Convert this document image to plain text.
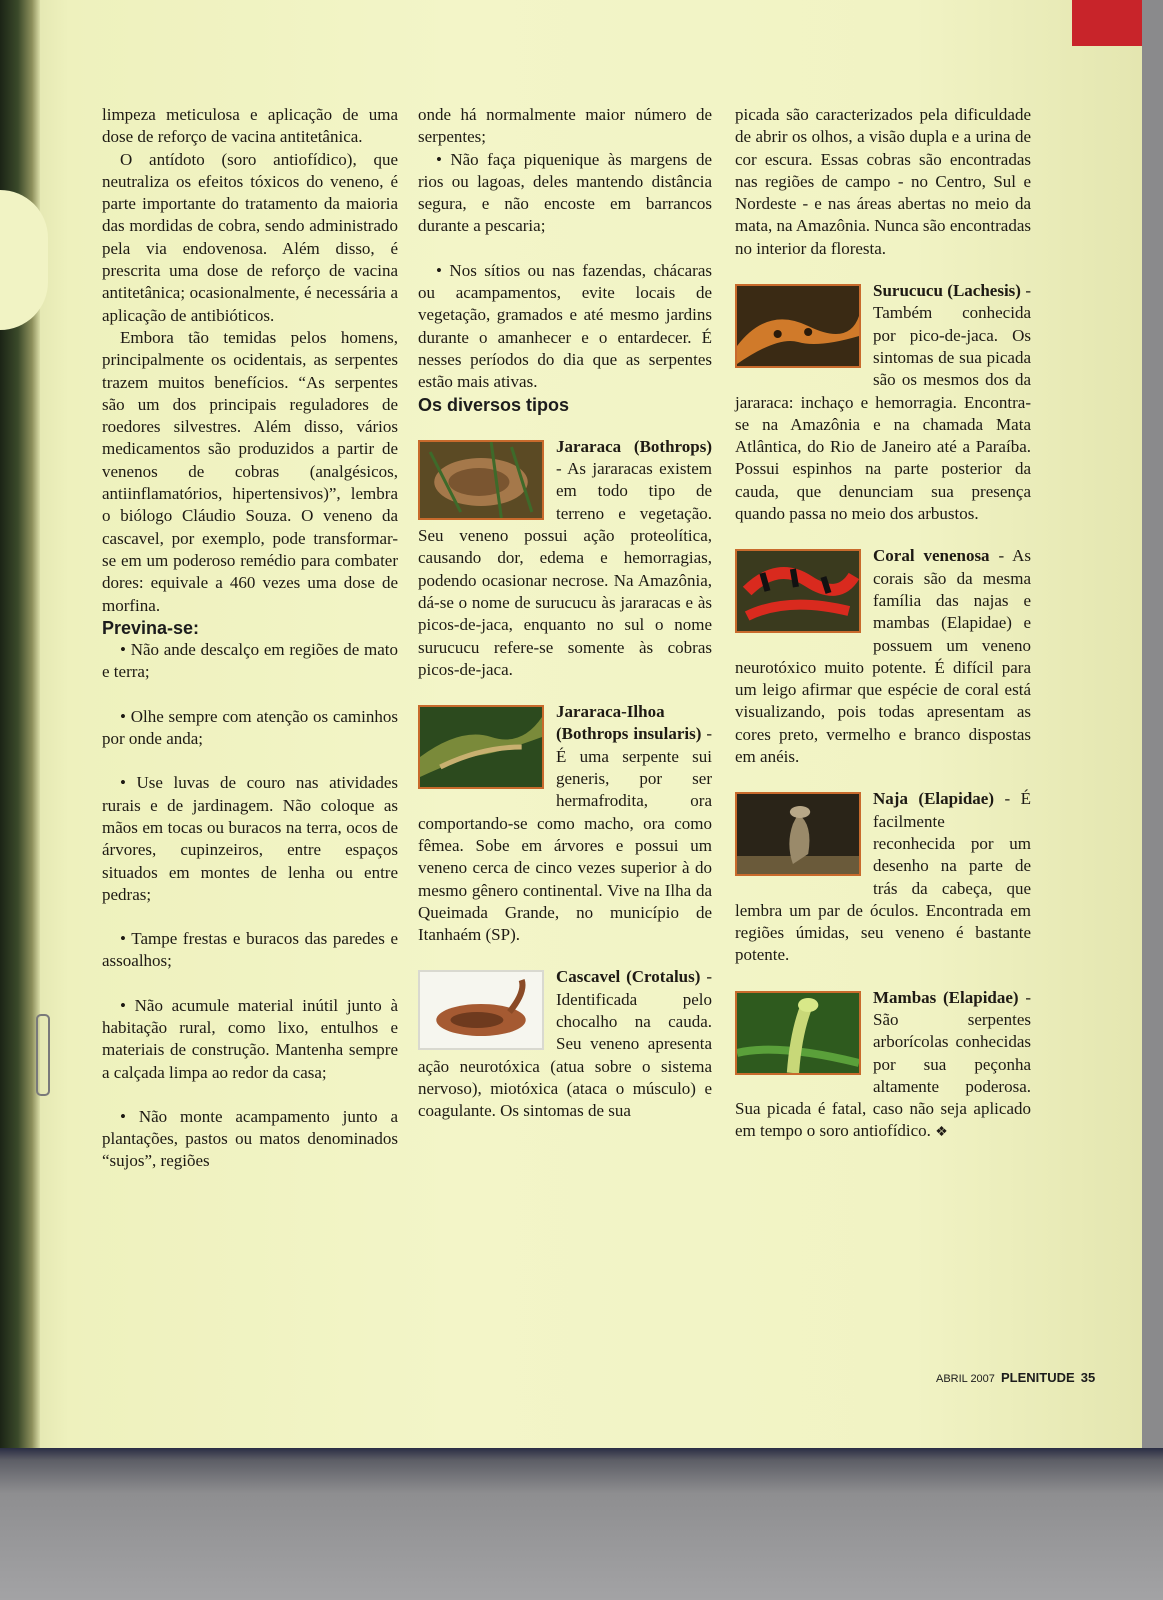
limpeza meticulosa e aplicação de uma dose de reforço de vacina antitetânica.

O antídoto (soro antiofídico), que neutraliza os efeitos tóxicos do veneno, é parte importante do tratamento da maioria das mordidas de cobra, sendo administrado pela via endovenosa. Além disso, é prescrita uma dose de reforço de vacina antitetânica; ocasionalmente, é necessária a aplicação de antibióticos.

Embora tão temidas pelos homens, principalmente os ocidentais, as serpentes trazem muitos benefícios. “As serpentes são um dos principais reguladores de roedores silvestres. Além disso, vários medicamentos são produzidos a partir de venenos de cobras (analgésicos, antiinflamatórios, hipertensivos)”, lembra o biólogo Cláudio Souza. O veneno da cascavel, por exemplo, pode transformar-se em um poderoso remédio para combater dores: equivale a 460 vezes uma dose de morfina.

Previna-se:

• Não ande descalço em regiões de mato e terra;

• Olhe sempre com atenção os caminhos por onde anda;

• Use luvas de couro nas atividades rurais e de jardinagem. Não coloque as mãos em tocas ou buracos na terra, ocos de árvores, cupinzeiros, entre espaços situados em montes de lenha ou entre pedras;

• Tampe frestas e buracos das paredes e assoalhos;

• Não acumule material inútil junto à habitação rural, como lixo, entulhos e materiais de construção. Mantenha sempre a calçada limpa ao redor da casa;

• Não monte acampamento junto a plantações, pastos ou matos denominados “sujos”, regiões

onde há normalmente maior número de serpentes;

• Não faça piquenique às margens de rios ou lagoas, deles mantendo distância segura, e não encoste em barrancos durante a pescaria;

• Nos sítios ou nas fazendas, chácaras ou acampamentos, evite locais de vegetação, gramados e até mesmo jardins durante o amanhecer e o entardecer. É nesses períodos do dia que as serpentes estão mais ativas.

Os diversos tipos

Jararaca (Bothrops) - As jararacas existem em todo tipo de terreno e vegetação. Seu veneno possui ação proteolítica, causando dor, edema e hemorragias, podendo ocasionar necrose. Na Amazônia, dá-se o nome de surucucu às jararacas e às picos-de-jaca, enquanto no sul o nome surucucu refere-se somente às cobras picos-de-jaca.

Jararaca-Ilhoa (Bothrops insularis) - É uma serpente sui generis, por ser hermafrodita, ora comportando-se como macho, ora como fêmea. Sobe em árvores e possui um veneno cerca de cinco vezes superior à do mesmo gênero continental. Vive na Ilha da Queimada Grande, no município de Itanhaém (SP).

Cascavel (Crotalus) - Identificada pelo chocalho na cauda. Seu veneno apresenta ação neurotóxica (atua sobre o sistema nervoso), miotóxica (ataca o músculo) e coagulante. Os sintomas de sua

picada são caracterizados pela dificuldade de abrir os olhos, a visão dupla e a urina de cor escura. Essas cobras são encontradas nas regiões de campo - no Centro, Sul e Nordeste - e nas áreas abertas no meio da mata, na Amazônia. Nunca são encontradas no interior da floresta.

Surucucu (Lachesis) - Também conhecida por pico-de-jaca. Os sintomas de sua picada são os mesmos dos da jararaca: inchaço e hemorragia. Encontra-se na Amazônia e na chamada Mata Atlântica, do Rio de Janeiro até a Paraíba. Possui espinhos na parte posterior da cauda, que denunciam sua presença quando passa no meio dos arbustos.

Coral venenosa - As corais são da mesma família das najas e mambas (Elapidae) e possuem um veneno neurotóxico muito potente. É difícil para um leigo afirmar que espécie de coral está visualizando, pois todas apresentam as cores preto, vermelho e branco dispostas em anéis.

Naja (Elapidae) - É facilmente reconhecida por um desenho na parte de trás da cabeça, que lembra um par de óculos. Encontrada em regiões úmidas, seu veneno é bastante potente.

Mambas (Elapidae) - São serpentes arborícolas conhecidas por sua peçonha altamente poderosa. Sua picada é fatal, caso não seja aplicado em tempo o soro antiofídico. ❖

ABRIL 2007 PLENITUDE 35
